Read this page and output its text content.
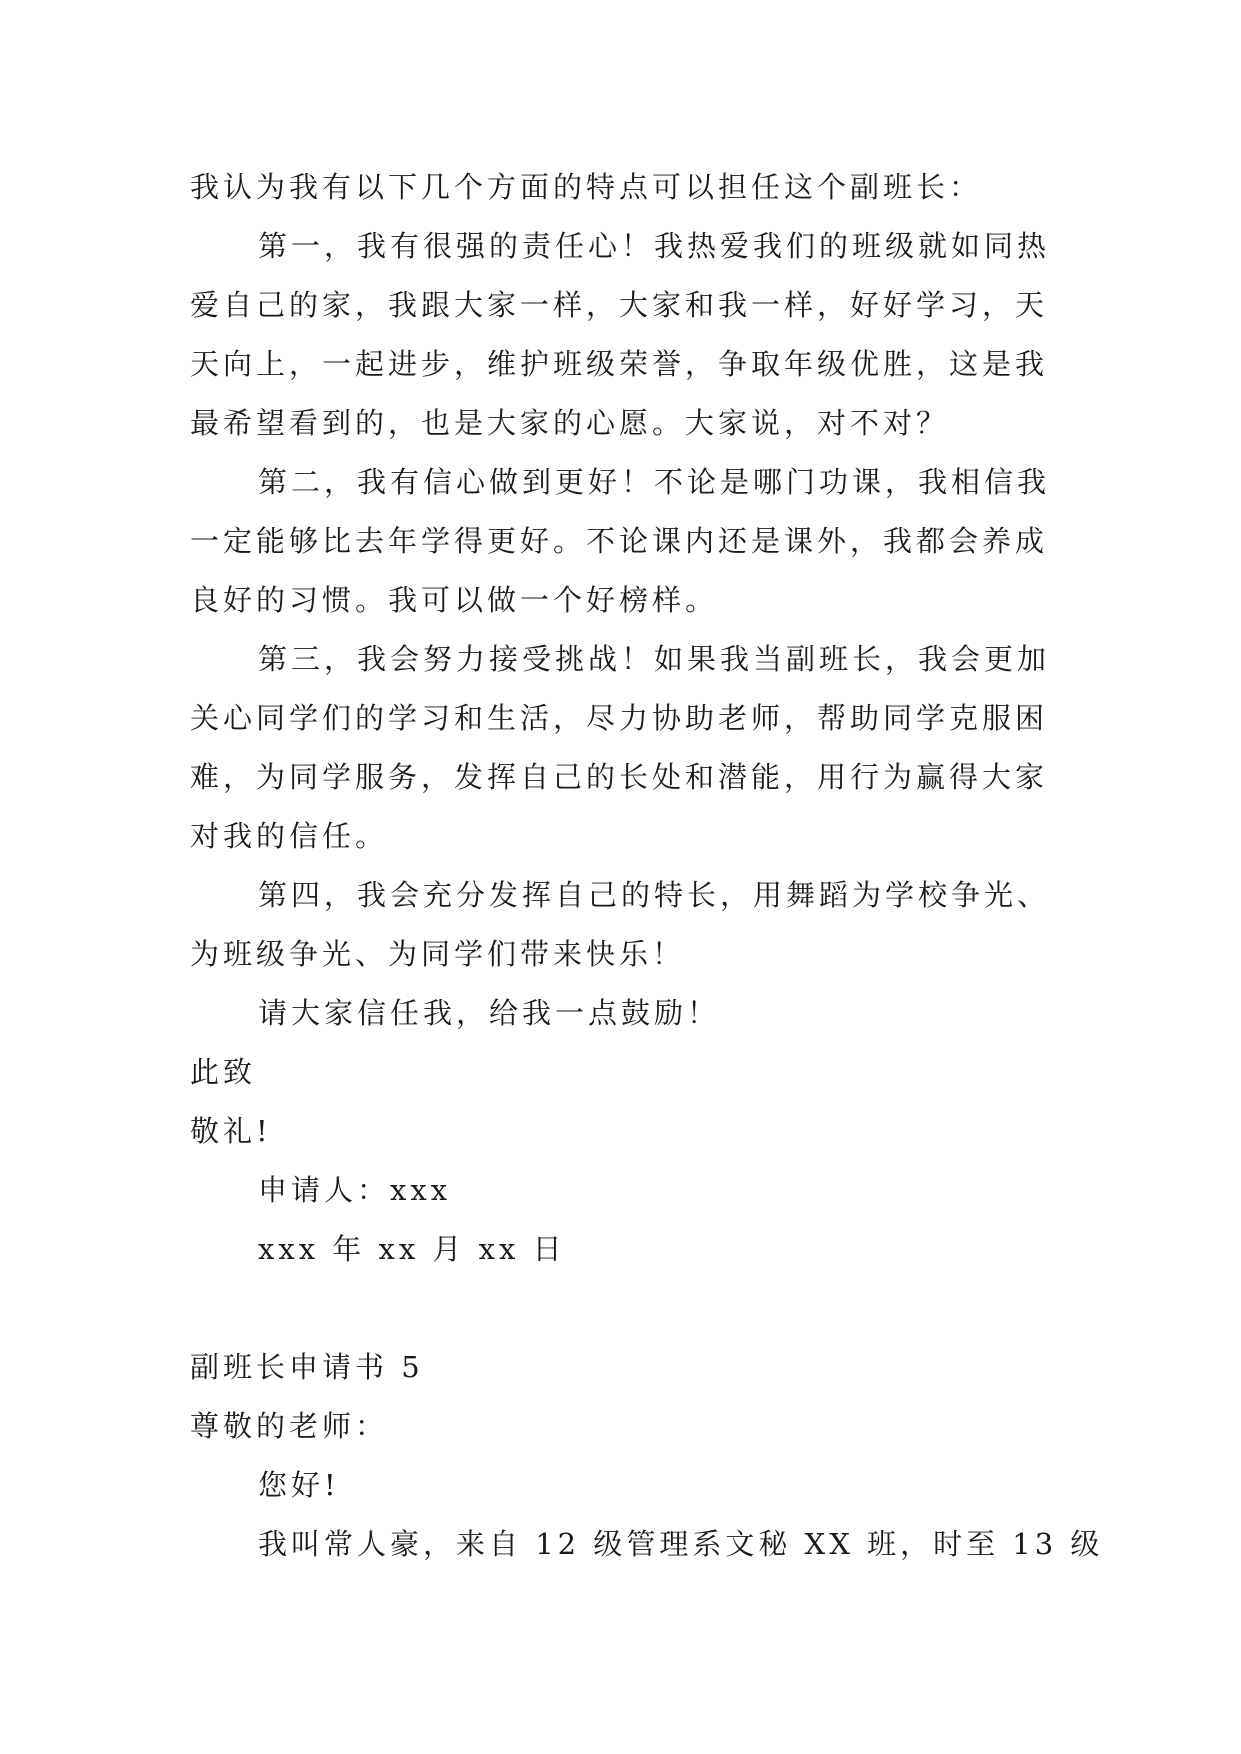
我认为我有以下几个方面的特点可以担任这个副班长：
第一，我有很强的责任心！我热爱我们的班级就如同热
爱自己的家，我跟大家一样，大家和我一样，好好学习，天
天向上，一起进步，维护班级荣誉，争取年级优胜，这是我
最希望看到的，也是大家的心愿。大家说，对不对？
第二，我有信心做到更好！不论是哪门功课，我相信我
一定能够比去年学得更好。不论课内还是课外，我都会养成
良好的习惯。我可以做一个好榜样。
第三，我会努力接受挑战！如果我当副班长，我会更加
关心同学们的学习和生活，尽力协助老师，帮助同学克服困
难，为同学服务，发挥自己的长处和潜能，用行为赢得大家
对我的信任。
第四，我会充分发挥自己的特长，用舞蹈为学校争光、
为班级争光、为同学们带来快乐！
请大家信任我，给我一点鼓励！
此致
敬礼!
申请人：xxx
xxx 年 xx 月 xx 日
副班长申请书 5
尊敬的老师：
您好!
我叫常人豪，来自 12 级管理系文秘 XX 班，时至 13 级
